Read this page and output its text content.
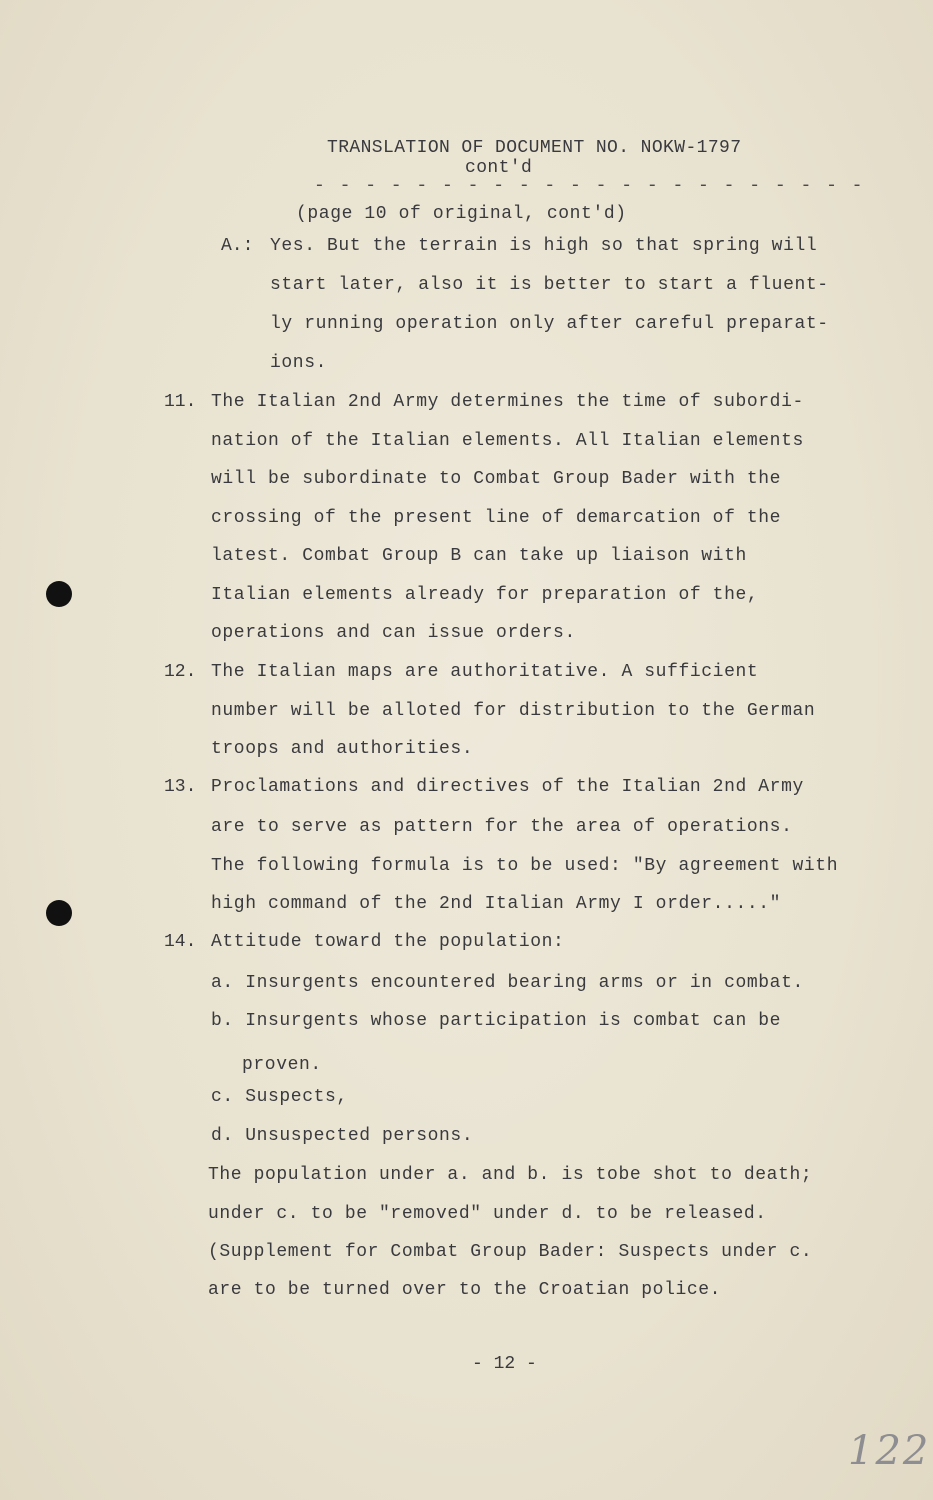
TRANSLATION OF DOCUMENT NO. NOKW-1797
cont'd
- - - - - - - - - - - - - - - - - - - - - -
(page 10 of original, cont'd)
A.: Yes. But the terrain is high so that spring will
start later, also it is better to start a fluent-
ly running operation only after careful preparat-
ions.
11. The Italian 2nd Army determines the time of subordi-
nation of the Italian elements. All Italian elements
will be subordinate to Combat Group Bader with the
crossing of the present line of demarcation of the
latest. Combat Group B can take up liaison with
Italian elements already for preparation of the,
operations and can issue orders.
12. The Italian maps are authoritative. A sufficient
number will be alloted for distribution to the German
troops and authorities.
13. Proclamations and directives of the Italian 2nd Army
are to serve as pattern for the area of operations.
The following formula is to be used: "By agreement with
high command of the 2nd Italian Army I order....."
14. Attitude toward the population:
a. Insurgents encountered bearing arms or in combat.
b. Insurgents whose participation is combat can be
proven.
c. Suspects,
d. Unsuspected persons.
The population under a. and b. is tobe shot to death;
under c. to be "removed" under d. to be released.
(Supplement for Combat Group Bader: Suspects under c.
are to be turned over to the Croatian police.
- 12 -
122
